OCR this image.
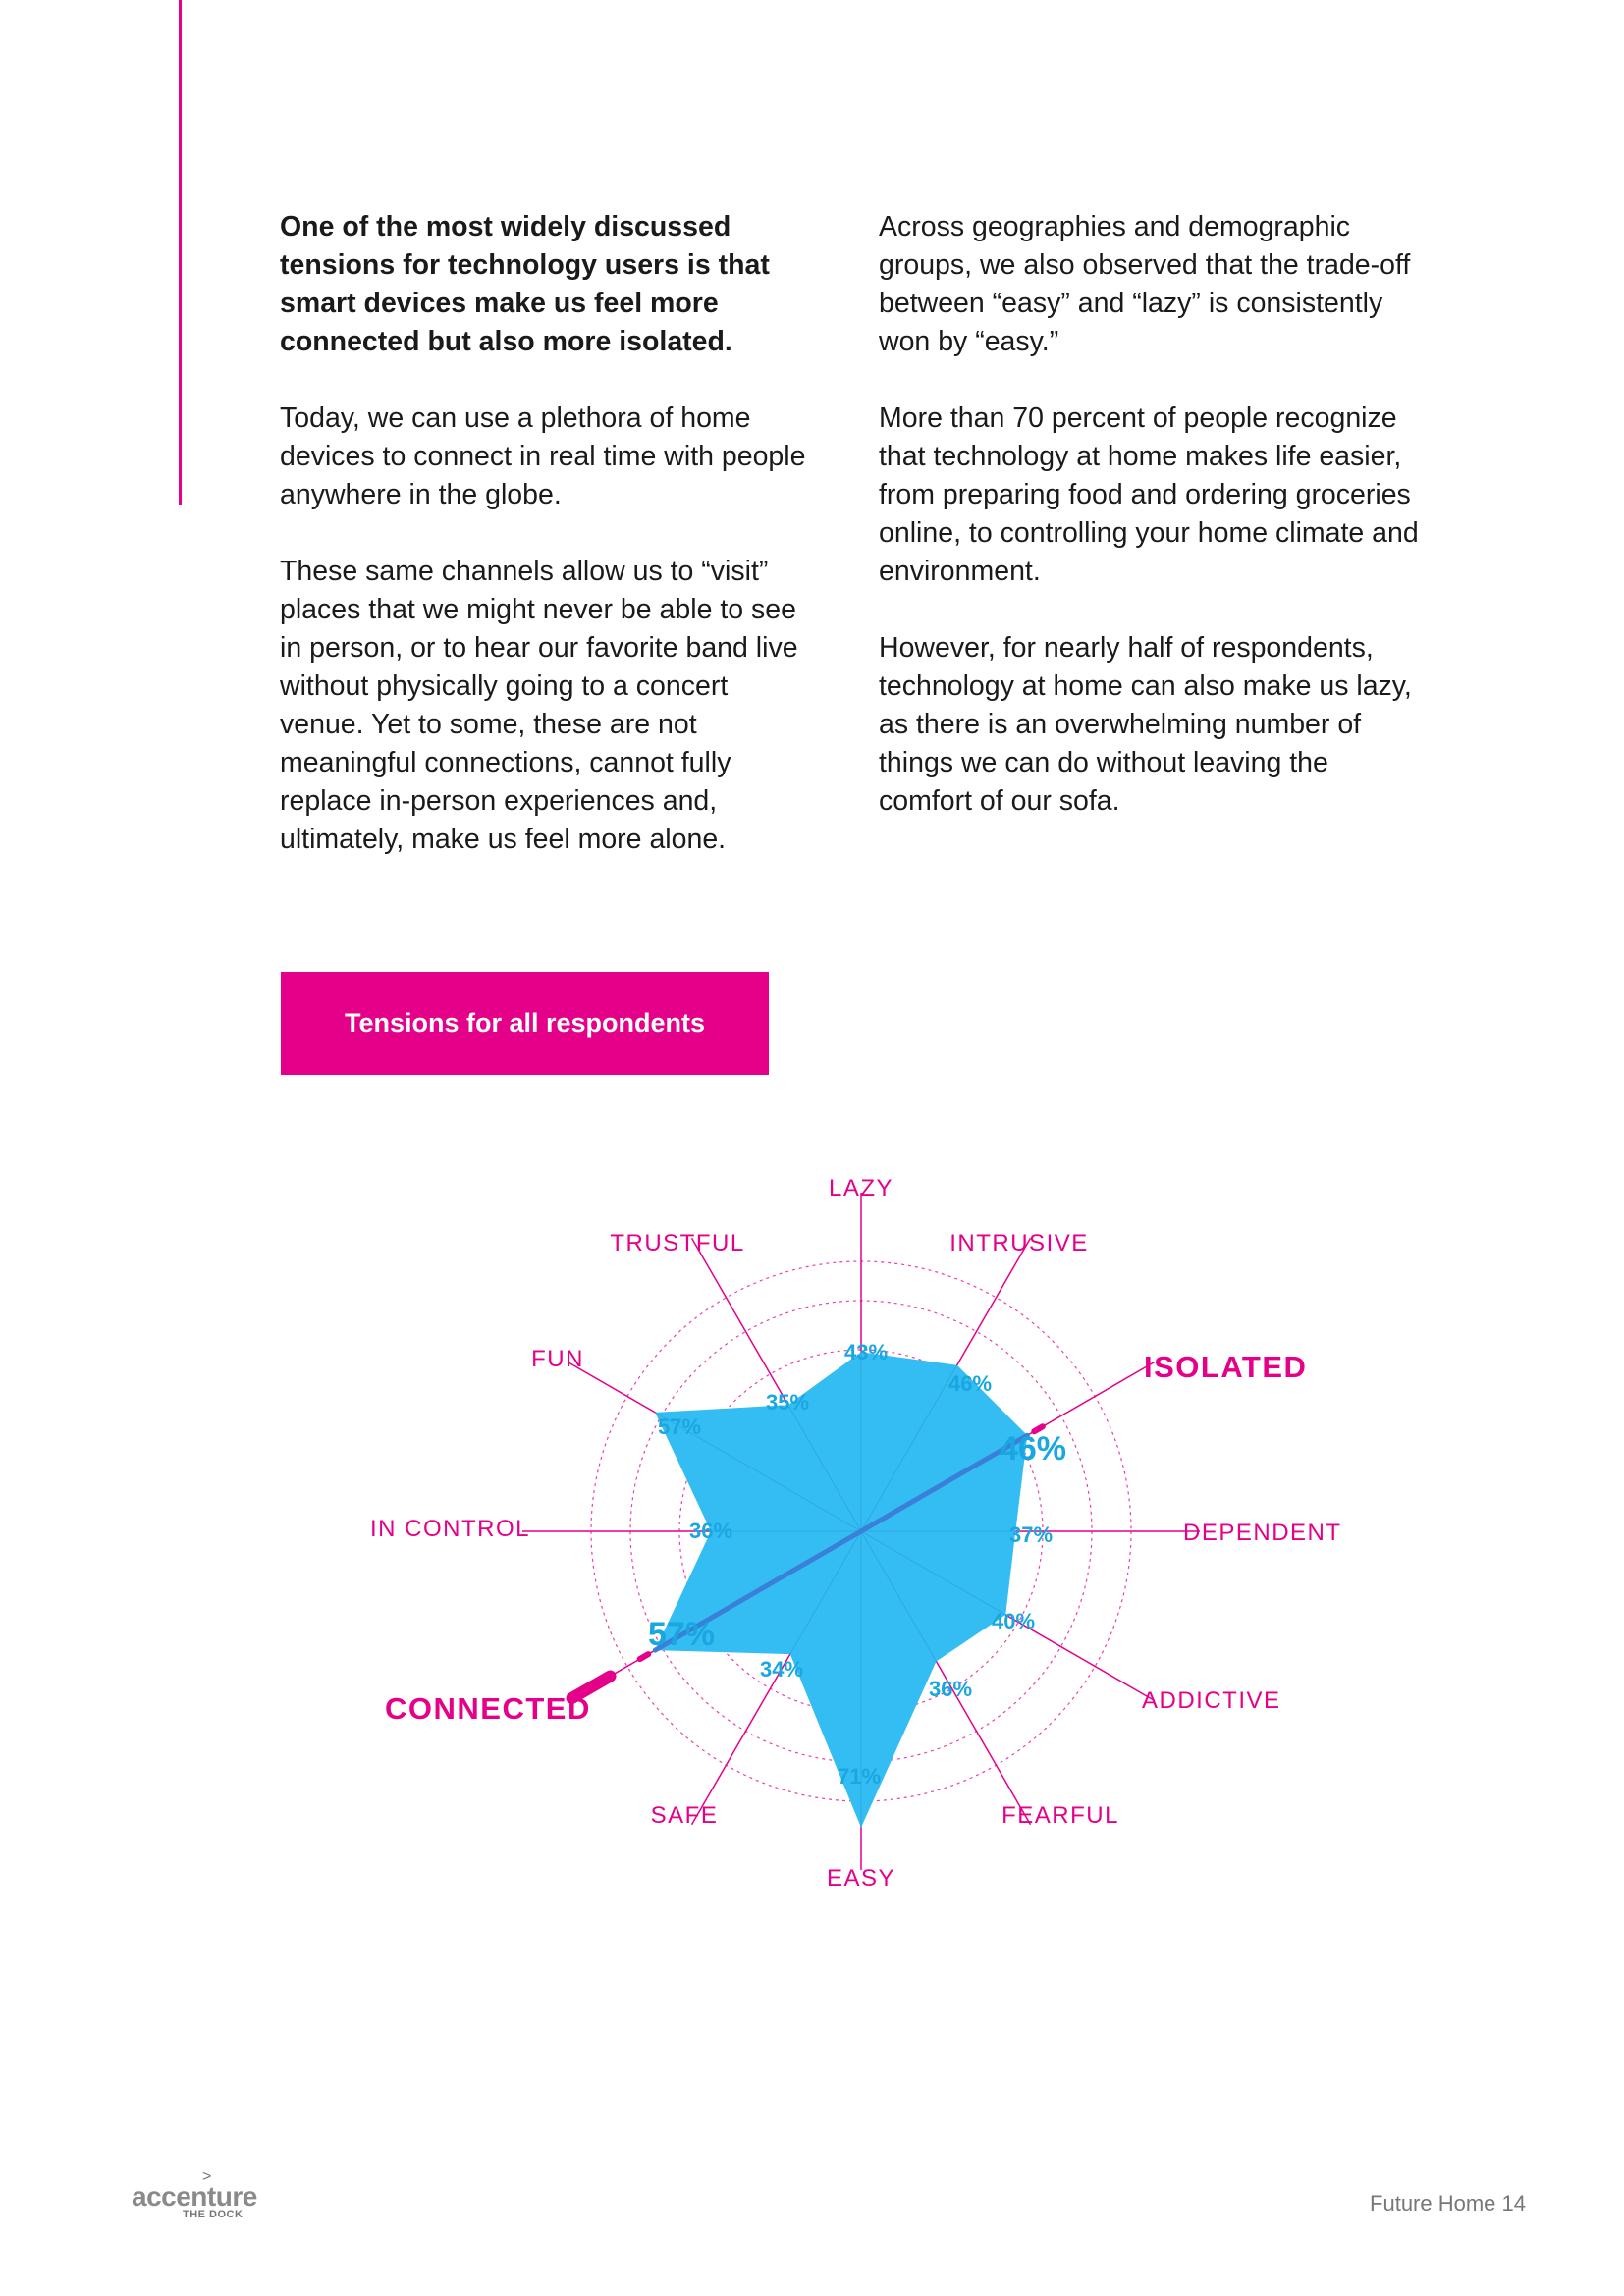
One of the most widely discussed tensions for technology users is that smart devices make us feel more connected but also more isolated.

Today, we can use a plethora of home devices to connect in real time with people anywhere in the globe.

These same channels allow us to “visit” places that we might never be able to see in person, or to hear our favorite band live without physically going to a concert venue. Yet to some, these are not meaningful connections, cannot fully replace in-person experiences and, ultimately, make us feel more alone.

Across geographies and demographic groups, we also observed that the trade-off between “easy” and “lazy” is consistently won by “easy.”

More than 70 percent of people recognize that technology at home makes life easier, from preparing food and ordering groceries online, to controlling your home climate and environment.

However, for nearly half of respondents, technology at home can also make us lazy, as there is an overwhelming number of things we can do without leaving the comfort of our sofa.

Tensions for all respondents
LAZY
INTRUSIVE
ISOLATED
DEPENDENT
ADDICTIVE
FEARFUL
EASY
SAFE
CONNECTED
IN CONTROL
FUN
TRUSTFUL
43%
46%
46%
37%
40%
36%
71%
34%
57%
36%
57%
35%
>
accenture
THE DOCK	Future Home 14
